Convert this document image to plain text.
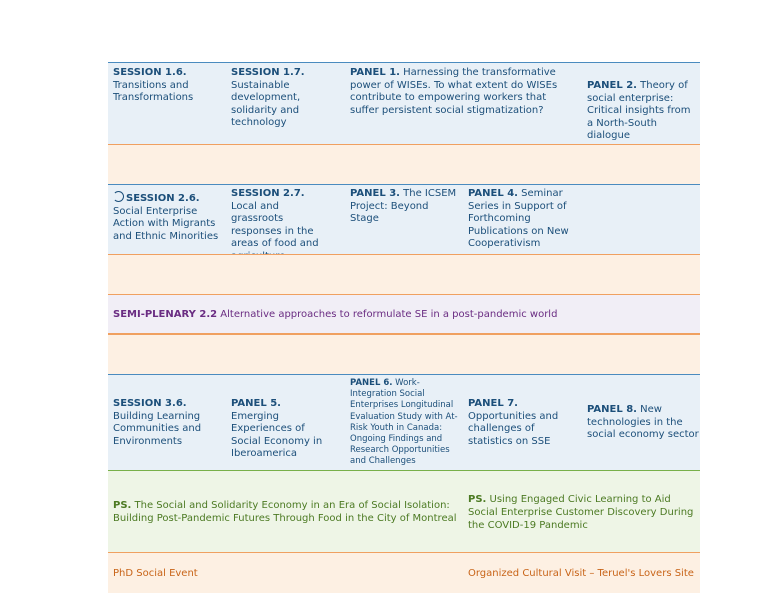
SESSION 1.6.
Transitions and Transformations
SESSION 1.7.
Sustainable development, solidarity and technology
PANEL 1. Harnessing the transformative power of WISEs. To what extent do WISEs contribute to empowering workers that suffer persistent social stigmatization?
PANEL 2. Theory of social enterprise: Critical insights from a North-South dialogue
SESSION 2.6.
Social Enterprise Action with Migrants and Ethnic Minorities
SESSION 2.7. Local and grassroots responses in the areas of food and
PANEL 3. The ICSEM Project: Beyond Stage
PANEL 4. Seminar Series in Support of Forthcoming Publications on New Cooperativism
SEMI-PLENARY 2.2 Alternative approaches to reformulate SE in a post-pandemic world
SESSION 3.6.
Building Learning Communities and Environments
PANEL 5. Emerging Experiences of Social Economy in Iberoamerica
PANEL 6. Work-Integration Social Enterprises Longitudinal Evaluation Study with At-Risk Youth in Canada: Ongoing Findings and Research Opportunities and Challenges
PANEL 7.
Opportunities and challenges of statistics on SSE
PANEL 8. New technologies in the social economy sector
PS. The Social and Solidarity Economy in an Era of Social Isolation: Building Post-Pandemic Futures Through Food in the City of Montreal
PS. Using Engaged Civic Learning to Aid Social Enterprise Customer Discovery During the COVID-19 Pandemic
PhD Social Event	Organized Cultural Visit – Teruel's Lovers Site
